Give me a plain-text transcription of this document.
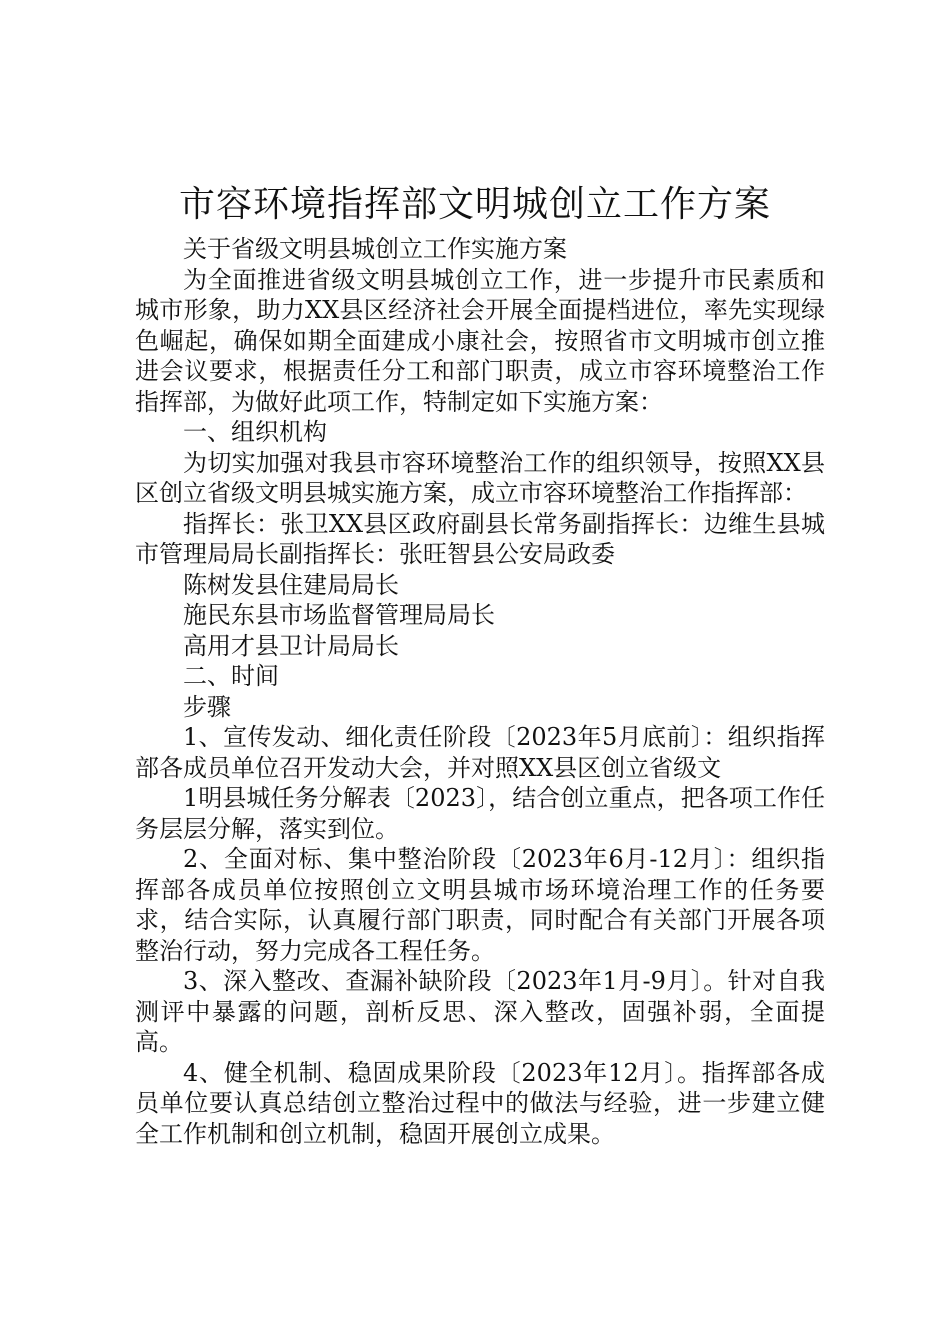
市容环境指挥部文明城创立工作方案

关于省级文明县城创立工作实施方案

为全面推进省级文明县城创立工作，进一步提升市民素质和城市形象，助力XX县区经济社会开展全面提档进位，率先实现绿色崛起，确保如期全面建成小康社会，按照省市文明城市创立推进会议要求，根据责任分工和部门职责，成立市容环境整治工作指挥部，为做好此项工作，特制定如下实施方案：

一、组织机构

为切实加强对我县市容环境整治工作的组织领导，按照XX县区创立省级文明县城实施方案，成立市容环境整治工作指挥部：

指挥长：张卫XX县区政府副县长常务副指挥长：边维生县城市管理局局长副指挥长：张旺智县公安局政委

陈树发县住建局局长

施民东县市场监督管理局局长

高用才县卫计局局长

二、时间

步骤

1、宣传发动、细化责任阶段〔2023年5月底前〕：组织指挥部各成员单位召开发动大会，并对照XX县区创立省级文

1明县城任务分解表〔2023〕，结合创立重点，把各项工作任务层层分解，落实到位。

2、全面对标、集中整治阶段〔2023年6月-12月〕：组织指挥部各成员单位按照创立文明县城市场环境治理工作的任务要求，结合实际，认真履行部门职责，同时配合有关部门开展各项整治行动，努力完成各工程任务。

3、深入整改、查漏补缺阶段〔2023年1月-9月〕。针对自我测评中暴露的问题，剖析反思、深入整改，固强补弱，全面提高。

4、健全机制、稳固成果阶段〔2023年12月〕。指挥部各成员单位要认真总结创立整治过程中的做法与经验，进一步建立健全工作机制和创立机制，稳固开展创立成果。
